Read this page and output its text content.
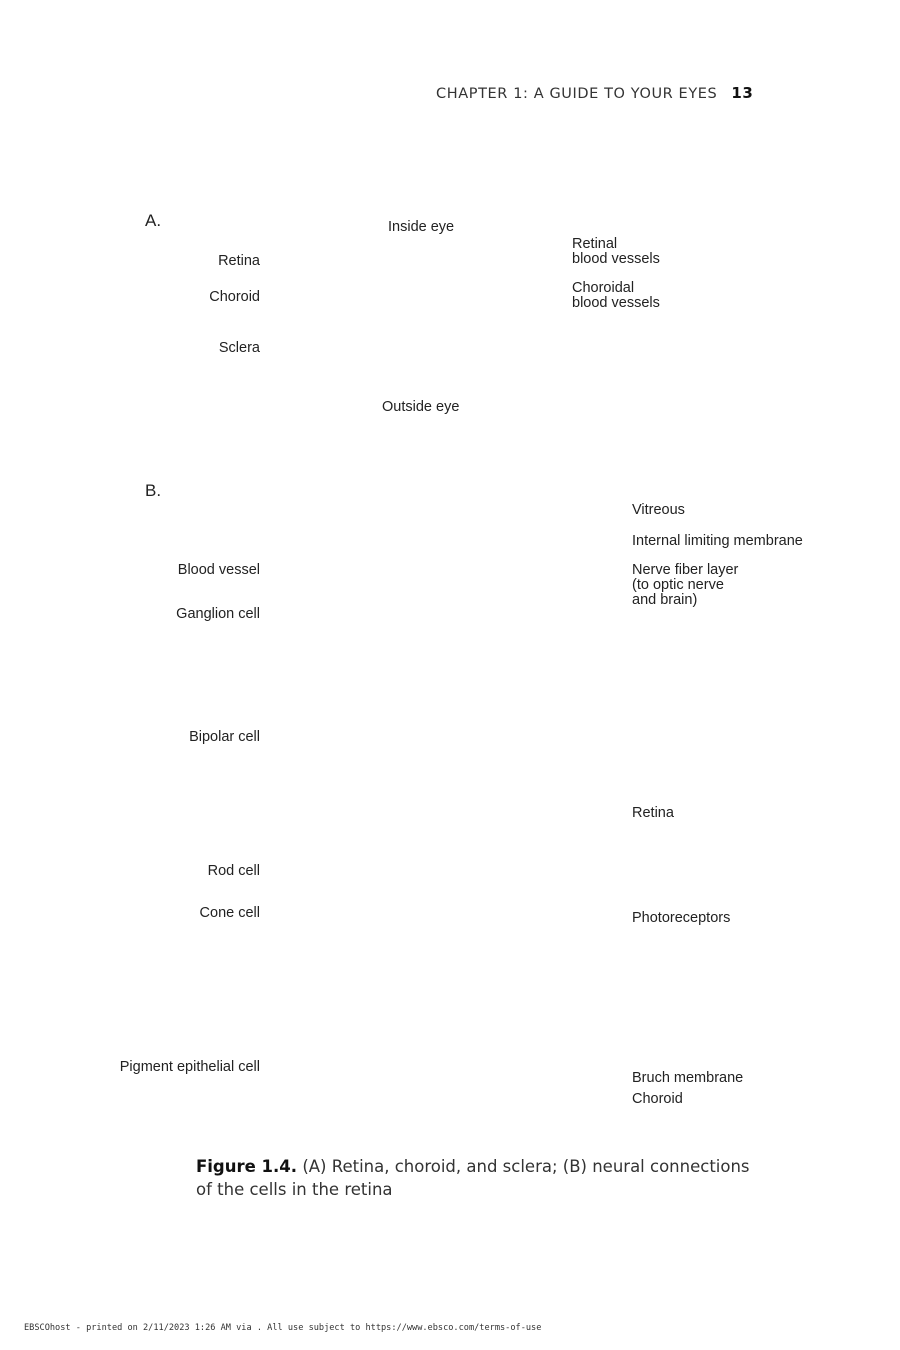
CHAPTER 1: A GUIDE TO YOUR EYES 13
A.	Inside eye
Outside eye
Retina
Choroid
Sclera
Retinal
blood vessels
Choroidal
blood vessels
B.
Blood vessel
Ganglion cell
Bipolar cell
Rod cell
Cone cell
Pigment epithelial cell
Vitreous
Internal limiting membrane
Nerve fiber layer
(to optic nerve
and brain)
Retina
Photoreceptors
Bruch membrane
Choroid
Figure 1.4. (A) Retina, choroid, and sclera; (B) neural connections of the cells in the retina
EBSCOhost - printed on 2/11/2023 1:26 AM via . All use subject to https://www.ebsco.com/terms-of-use
